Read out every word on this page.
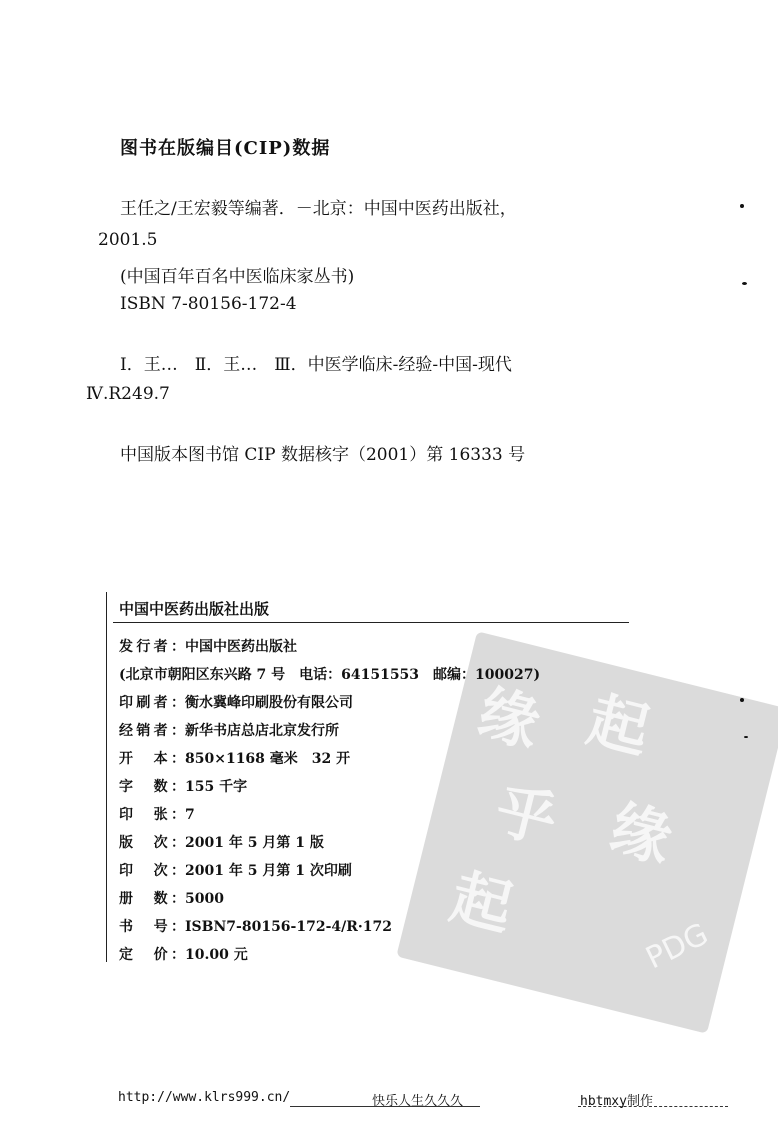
图书在版编目(CIP)数据
王任之/王宏毅等编著．－北京：中国中医药出版社，
2001.5
(中国百年百名中医临床家丛书)
ISBN 7-80156-172-4
Ⅰ．王…　Ⅱ．王…　Ⅲ．中医学临床-经验-中国-现代
Ⅳ.R249.7
中国版本图书馆 CIP 数据核字（2001）第 16333 号
缘 起
乎 缘
起
PDG
中国中医药出版社出版
发行者：中国中医药出版社
(北京市朝阳区东兴路 7 号　电话：64151553　邮编：100027)
印刷者：衡水冀峰印刷股份有限公司
经销者：新华书店总店北京发行所
开　本：850×1168 毫米　32 开
字　数：155 千字
印　张：7
版　次：2001 年 5 月第 1 版
印　次：2001 年 5 月第 1 次印刷
册　数：5000
书　号：ISBN7-80156-172-4/R·172
定　价：10.00 元
http://www.klrs999.cn/	快乐人生久久久	hbtmxy制作
